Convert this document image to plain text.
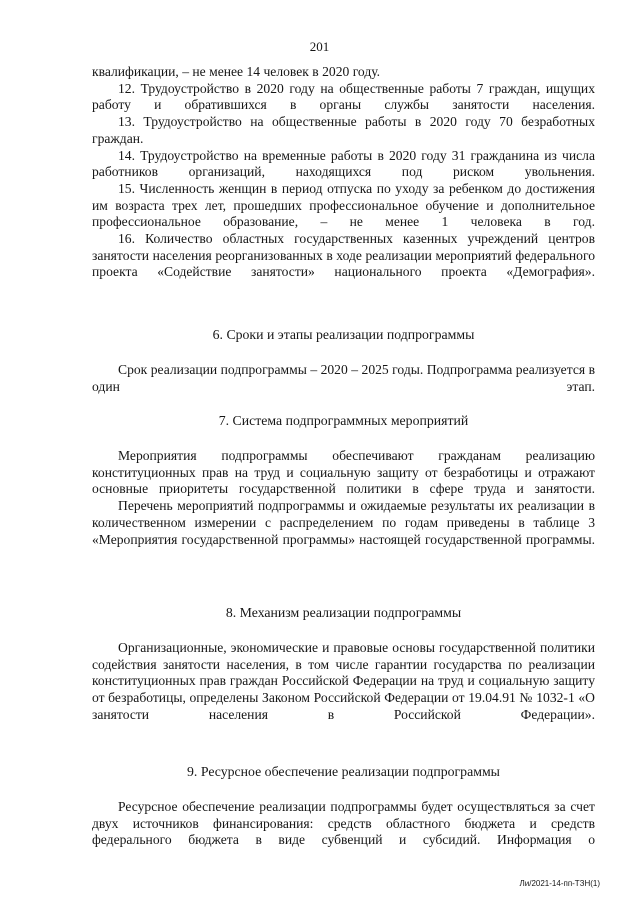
201

квалификации, – не менее 14 человек в 2020 году.

12. Трудоустройство в 2020 году на общественные работы 7 граждан, ищущих работу и обратившихся в органы службы занятости населения.

13. Трудоустройство на общественные работы в 2020 году 70 безработных граждан.

14. Трудоустройство на временные работы в 2020 году 31 гражданина из числа работников организаций, находящихся под риском увольнения.

15. Численность женщин в период отпуска по уходу за ребенком до достижения им возраста трех лет, прошедших профессиональное обучение и дополнительное профессиональное образование, – не менее 1 человека в год.

16. Количество областных государственных казенных учреждений центров занятости населения реорганизованных в ходе реализации мероприятий федерального проекта «Содействие занятости» национального проекта «Демография».

6. Сроки и этапы реализации подпрограммы

Срок реализации подпрограммы – 2020 – 2025 годы. Подпрограмма реализуется в один этап.

7. Система подпрограммных мероприятий

Мероприятия подпрограммы обеспечивают гражданам реализацию конституционных прав на труд и социальную защиту от безработицы и отражают основные приоритеты государственной политики в сфере труда и занятости.

Перечень мероприятий подпрограммы и ожидаемые результаты их реализации в количественном измерении с распределением по годам приведены в таблице 3 «Мероприятия государственной программы» настоящей государственной программы.

8. Механизм реализации подпрограммы

Организационные, экономические и правовые основы государственной политики содействия занятости населения, в том числе гарантии государства по реализации конституционных прав граждан Российской Федерации на труд и социальную защиту от безработицы, определены Законом Российской Федерации от 19.04.91 № 1032-1 «О занятости населения в Российской Федерации».

9. Ресурсное обеспечение реализации подпрограммы

Ресурсное обеспечение реализации подпрограммы будет осуществляться за счет двух источников финансирования: средств областного бюджета и средств федерального бюджета в виде субвенций и субсидий. Информация о

Ли/2021-14-пп-ТЗН(1)
